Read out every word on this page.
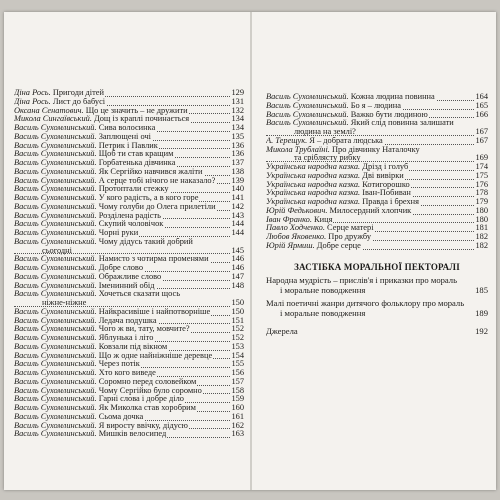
Діна Рось. Пригоди дітей	129
Діна Рось. Лист до бабусі	131
Оксана Сенатович. Що це значить – не дружити	132
Микола Сингаївський. Дощ із краплі починається	134
Василь Сухомлинський. Сива волосинка	134
Василь Сухомлинський. Заплющені очі	135
Василь Сухомлинський. Петрик і Павлик	136
Василь Сухомлинський. Щоб ти став кращим	136
Василь Сухомлинський. Горбатенька дівчинка	137
Василь Сухомлинський. Як Сергійко навчився жаліти	138
Василь Сухомлинський. А серце тобі нічого не наказало? 139
Василь Сухомлинський. Протоптали стежку	140
Василь Сухомлинський. У кого радість, а в кого горе	141
Василь Сухомлинський. Чому голуби до Олега прилетіли 142
Василь Сухомлинський. Розділена радість	143
Василь Сухомлинський. Скупий чоловічок	144
Василь Сухомлинський. Чорні руки	144
Василь Сухомлинський. Чому дідусь такий добрий
сьогодні	145
Василь Сухомлинський. Намисто з чотирма променями	146
Василь Сухомлинський. Добре слово	146
Василь Сухомлинський. Ображливе слово	147
Василь Сухомлинський. Іменинний обід	148
Василь Сухомлинський. Хочеться сказати щось
ніжне-ніжне	150
Василь Сухомлинський. Найкрасивіше і найпотворніше	150
Василь Сухомлинський. Ледача подушка	151
Василь Сухомлинський. Чого ж ви, тату, мовчите?	152
Василь Сухомлинський. Яблунька і літо	152
Василь Сухомлинський. Ковзали під вікном	153
Василь Сухомлинський. Що ж одне найніжніше деревце 154
Василь Сухомлинський. Через потік	155
Василь Сухомлинський. Хто кого виведе	156
Василь Сухомлинський. Соромно перед соловейком	157
Василь Сухомлинський. Чому Сергійко було соромно	158
Василь Сухомлинський. Гарні слова і добре діло	159
Василь Сухомлинський. Як Миколка став хоробрим	160
Василь Сухомлинський. Сьома дочка	161
Василь Сухомлинський. Я виросту ввічку, дідусю	162
Василь Сухомлинський. Мишків велосипед	163
Василь Сухомлинський. Кожна людина повинна	164
Василь Сухомлинський. Бо я – людина	165
Василь Сухомлинський. Важко бути людиною	166
Василь Сухомлинський. Який слід повинна залишати
людина на землі?	167
А. Терещук. Я – добрата людська	167
Микола Трублаїні. Про дівчинку Наталочку
та сріблясту рибку	169
Українська народна казка. Дрізд і голуб	174
Українська народна казка. Дві вивірки	175
Українська народна казка. Котигорошко	176
Українська народна казка. Іван-Побиван	178
Українська народна казка. Правда і брехня	179
Юрій Федькович. Милосердний хлопчик	180
Іван Франко. Киця	180
Павло Ходченко. Серце матері	181
Любов Яковенко. Про дружбу	182
Юрій Ярмиш. Добре серце	182
ЗАСТІБКА МОРАЛЬНОЇ ПЕКТОРАЛІ
Народна мудрість – прислів'я і приказки про мораль
і моральне поводження	185
Малі поетичні жанри дитячого фольклору про мораль
і моральне поводження	189
Джерела	192
